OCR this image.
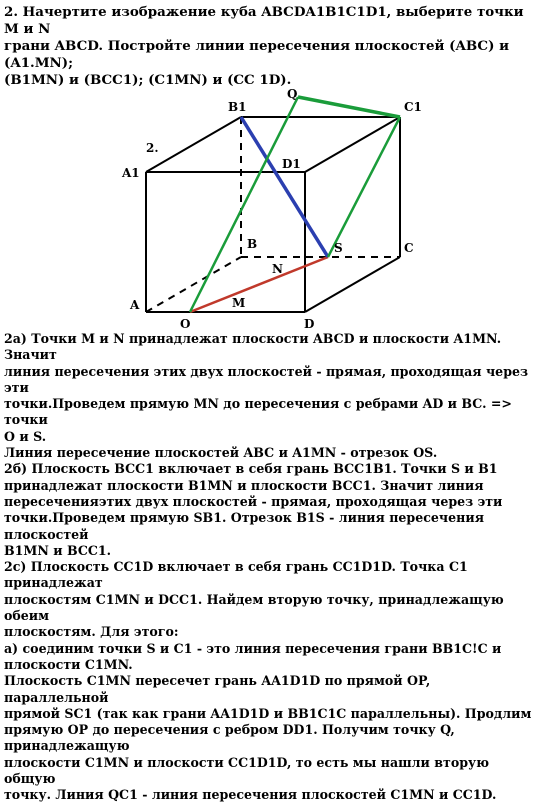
2. Начертите изображение куба ABCDA1B1C1D1, выберите точки M и N
грани ABCD. Постройте линии пересечения плоскостей (ABC) и (A1.MN);
(B1MN) и (BCC1); (C1MN) и (CC 1D).
2.
A1
B1	C1
D1
Q
B	C
S
N
A	M
O	D

2а) Точки M и N принадлежат плоскости ABCD и плоскости A1MN. Значит

линия пересечения этих двух плоскостей - прямая, проходящая через эти

точки.Проведем прямую MN до пересечения с ребрами AD и BC. => точки

O и S.

Линия пересечение плоскостей ABC и A1MN - отрезок OS.

2б) Плоскость BCC1 включает в себя грань BCC1B1. Точки S и B1

принадлежат плоскости B1MN и плоскости BCC1. Значит линия

пересеченияэтих двух плоскостей - прямая, проходящая через эти

точки.Проведем прямую SB1. Отрезок B1S - линия пересечения плоскостей

B1MN и BCC1.

2с) Плоскость CC1D включает в себя грань CC1D1D. Точка C1 принадлежат

плоскостям C1MN и DCC1. Найдем вторую точку, принадлежащую обеим

плоскостям. Для этого:

а) соединим точки S и C1 - это линия пересечения грани BB1C!C и

плоскости C1MN.

Плоскость C1MN пересечет грань AA1D1D по прямой OP, параллельной

прямой SC1 (так как грани AA1D1D и BB1C1C параллельны). Продлим

прямую OP до пересечения с ребром DD1. Получим точку Q, принадлежащую

плоскости C1MN и плоскости CC1D1D, то есть мы нашли вторую общую

точку. Линия QC1 - линия пересечения плоскостей C1MN и CC1D.
